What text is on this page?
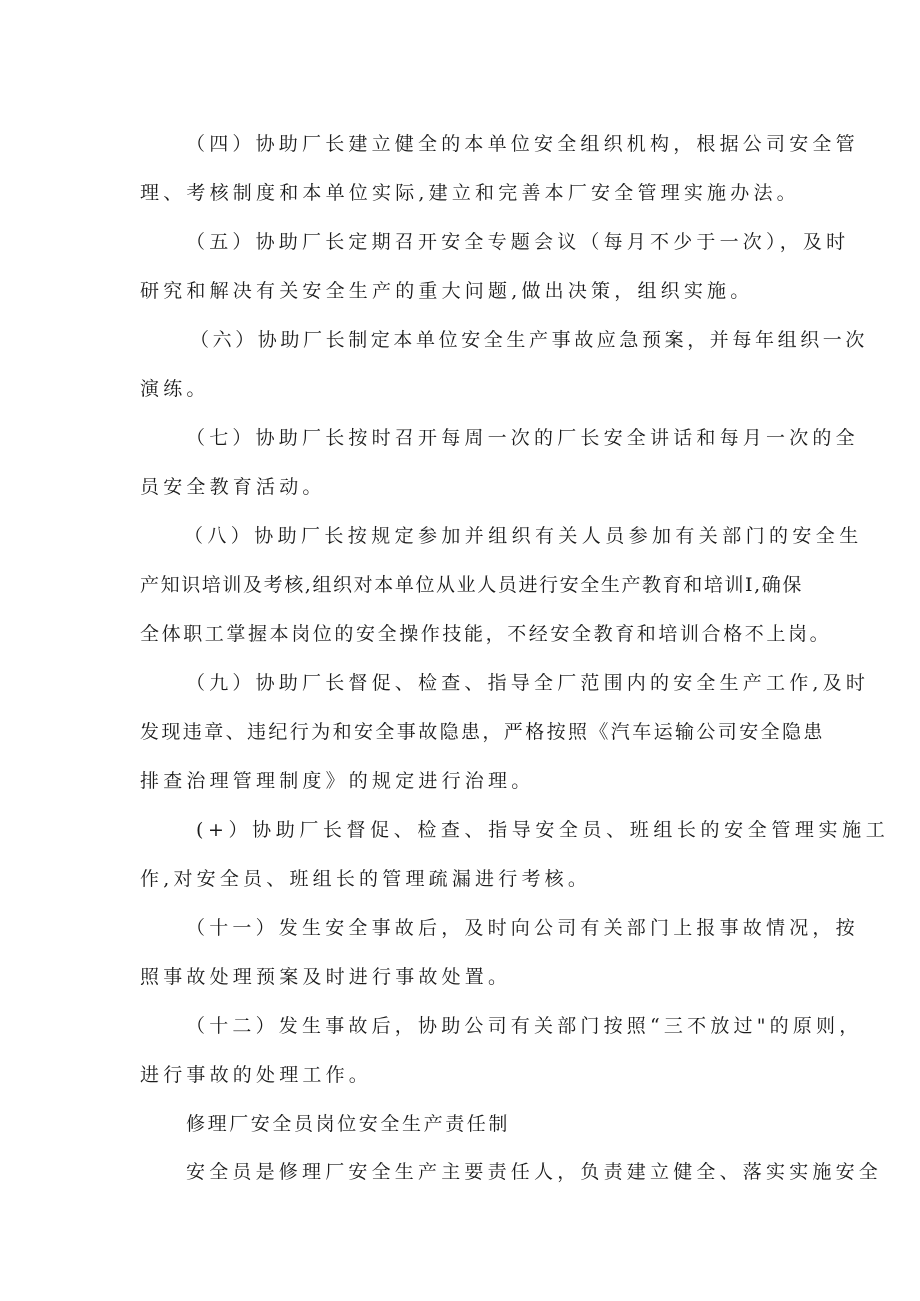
（四）协助厂长建立健全的本单位安全组织机构，根据公司安全管
理、考核制度和本单位实际,建立和完善本厂安全管理实施办法。
（五）协助厂长定期召开安全专题会议（每月不少于一次），及时
研究和解决有关安全生产的重大问题,做出决策，组织实施。
（六）协助厂长制定本单位安全生产事故应急预案，并每年组织一次
演练。
（七）协助厂长按时召开每周一次的厂长安全讲话和每月一次的全
员安全教育活动。
（八）协助厂长按规定参加并组织有关人员参加有关部门的安全生
产知识培训及考核,组织对本单位从业人员进行安全生产教育和培训I,确保
全体职工掌握本岗位的安全操作技能，不经安全教育和培训合格不上岗。
（九）协助厂长督促、检查、指导全厂范围内的安全生产工作,及时
发现违章、违纪行为和安全事故隐患，严格按照《汽车运输公司安全隐患
排查治理管理制度》的规定进行治理。
(+）协助厂长督促、检查、指导安全员、班组长的安全管理实施工
作,对安全员、班组长的管理疏漏进行考核。
（十一）发生安全事故后，及时向公司有关部门上报事故情况，按
照事故处理预案及时进行事故处置。
（十二）发生事故后，协助公司有关部门按照“三不放过"的原则，
进行事故的处理工作。
修理厂安全员岗位安全生产责任制
安全员是修理厂安全生产主要责任人，负责建立健全、落实实施安全
